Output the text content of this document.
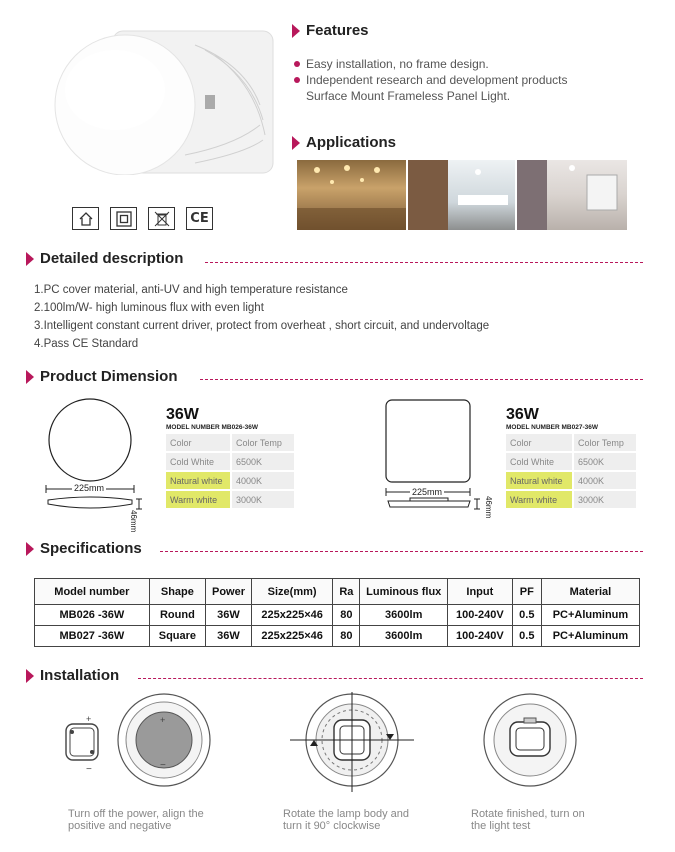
CE
Features
Easy installation, no frame design.
Independent research and development products
Surface Mount Frameless Panel Light.
Applications
Detailed description
1.PC cover material, anti-UV and high temperature resistance
2.100lm/W- high luminous flux with even light
3.Intelligent constant current driver, protect from overheat , short circuit, and undervoltage
4.Pass CE Standard
Product Dimension
225mm
46mm
36W
MODEL NUMBER MB026-36W
Color	Color Temp
Cold White	6500K
Natural white	4000K
Warm white	3000K
225mm
46mm
36W
MODEL NUMBER MB027-36W
Color	Color Temp
Cold White	6500K
Natural white	4000K
Warm white	3000K
Specifications
Model number	Shape	Power	Size(mm)	Ra	Luminous flux	Input	PF	Material
MB026 -36W	Round	36W	225x225×46	80	3600lm	100-240V	0.5	PC+Aluminum
MB027 -36W	Square	36W	225x225×46	80	3600lm	100-240V	0.5	PC+Aluminum
Installation
+
−
+
−
Turn off the power, align the
positive and negative
Rotate the lamp body and
turn it 90° clockwise
Rotate finished, turn on
the light test
